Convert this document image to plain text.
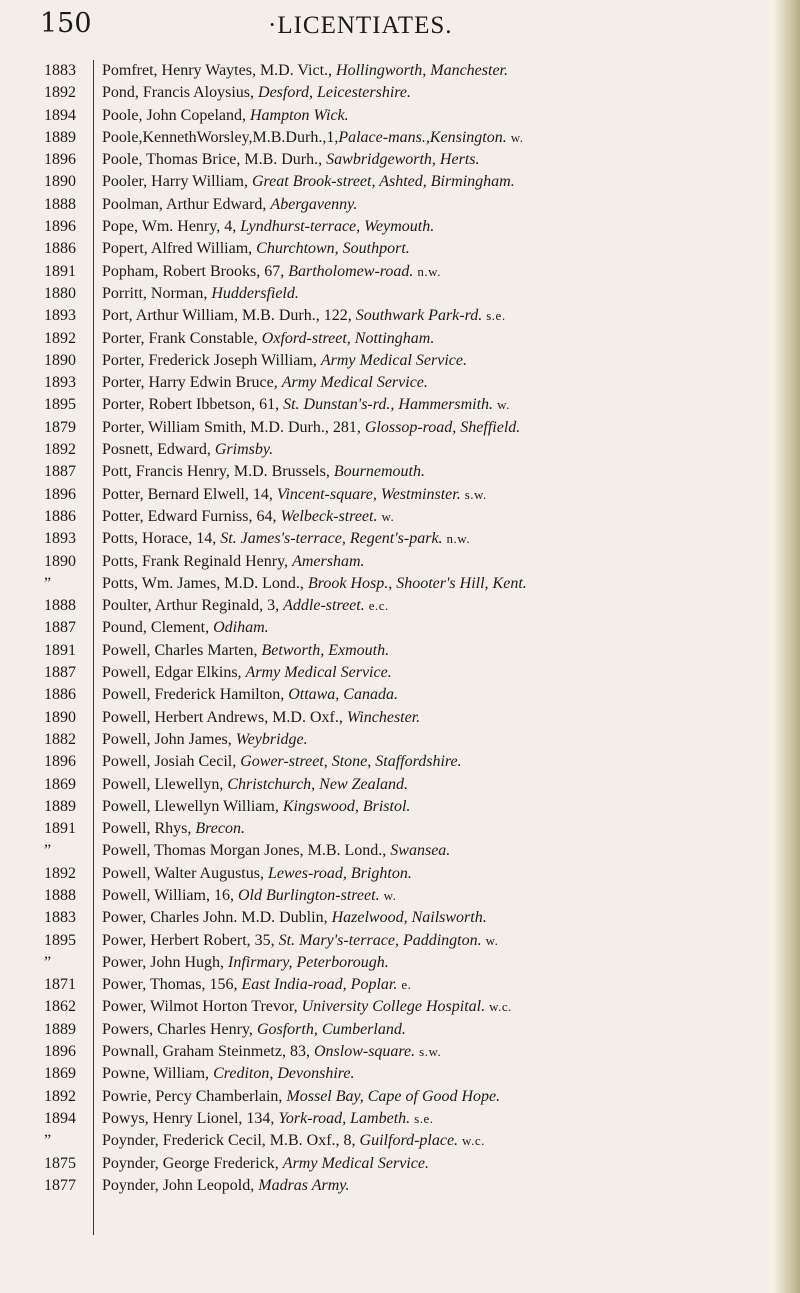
150	·LICENTIATES.
1883
1892
1894
1889
1896
1890
1888
1896
1886
1891
1880
1893
1892
1890
1893
1895
1879
1892
1887
1896
1886
1893
1890
”
1888
1887
1891
1887
1886
1890
1882
1896
1869
1889
1891
”
1892
1888
1883
1895
”
1871
1862
1889
1896
1869
1892
1894
”
1875
1877
Pomfret, Henry Waytes, M.D. Vict., Hollingworth, Manchester.
Pond, Francis Aloysius, Desford, Leicestershire.
Poole, John Copeland, Hampton Wick.
Poole,KennethWorsley,M.B.Durh.,1,Palace-mans.,Kensington. w.
Poole, Thomas Brice, M.B. Durh., Sawbridgeworth, Herts.
Pooler, Harry William, Great Brook-street, Ashted, Birmingham.
Poolman, Arthur Edward, Abergavenny.
Pope, Wm. Henry, 4, Lyndhurst-terrace, Weymouth.
Popert, Alfred William, Churchtown, Southport.
Popham, Robert Brooks, 67, Bartholomew-road. n.w.
Porritt, Norman, Huddersfield.
Port, Arthur William, M.B. Durh., 122, Southwark Park-rd. s.e.
Porter, Frank Constable, Oxford-street, Nottingham.
Porter, Frederick Joseph William, Army Medical Service.
Porter, Harry Edwin Bruce, Army Medical Service.
Porter, Robert Ibbetson, 61, St. Dunstan's-rd., Hammersmith. w.
Porter, William Smith, M.D. Durh., 281, Glossop-road, Sheffield.
Posnett, Edward, Grimsby.
Pott, Francis Henry, M.D. Brussels, Bournemouth.
Potter, Bernard Elwell, 14, Vincent-square, Westminster. s.w.
Potter, Edward Furniss, 64, Welbeck-street. w.
Potts, Horace, 14, St. James's-terrace, Regent's-park. n.w.
Potts, Frank Reginald Henry, Amersham.
Potts, Wm. James, M.D. Lond., Brook Hosp., Shooter's Hill, Kent.
Poulter, Arthur Reginald, 3, Addle-street. e.c.
Pound, Clement, Odiham.
Powell, Charles Marten, Betworth, Exmouth.
Powell, Edgar Elkins, Army Medical Service.
Powell, Frederick Hamilton, Ottawa, Canada.
Powell, Herbert Andrews, M.D. Oxf., Winchester.
Powell, John James, Weybridge.
Powell, Josiah Cecil, Gower-street, Stone, Staffordshire.
Powell, Llewellyn, Christchurch, New Zealand.
Powell, Llewellyn William, Kingswood, Bristol.
Powell, Rhys, Brecon.
Powell, Thomas Morgan Jones, M.B. Lond., Swansea.
Powell, Walter Augustus, Lewes-road, Brighton.
Powell, William, 16, Old Burlington-street. w.
Power, Charles John. M.D. Dublin, Hazelwood, Nailsworth.
Power, Herbert Robert, 35, St. Mary's-terrace, Paddington. w.
Power, John Hugh, Infirmary, Peterborough.
Power, Thomas, 156, East India-road, Poplar. e.
Power, Wilmot Horton Trevor, University College Hospital. w.c.
Powers, Charles Henry, Gosforth, Cumberland.
Pownall, Graham Steinmetz, 83, Onslow-square. s.w.
Powne, William, Crediton, Devonshire.
Powrie, Percy Chamberlain, Mossel Bay, Cape of Good Hope.
Powys, Henry Lionel, 134, York-road, Lambeth. s.e.
Poynder, Frederick Cecil, M.B. Oxf., 8, Guilford-place. w.c.
Poynder, George Frederick, Army Medical Service.
Poynder, John Leopold, Madras Army.
